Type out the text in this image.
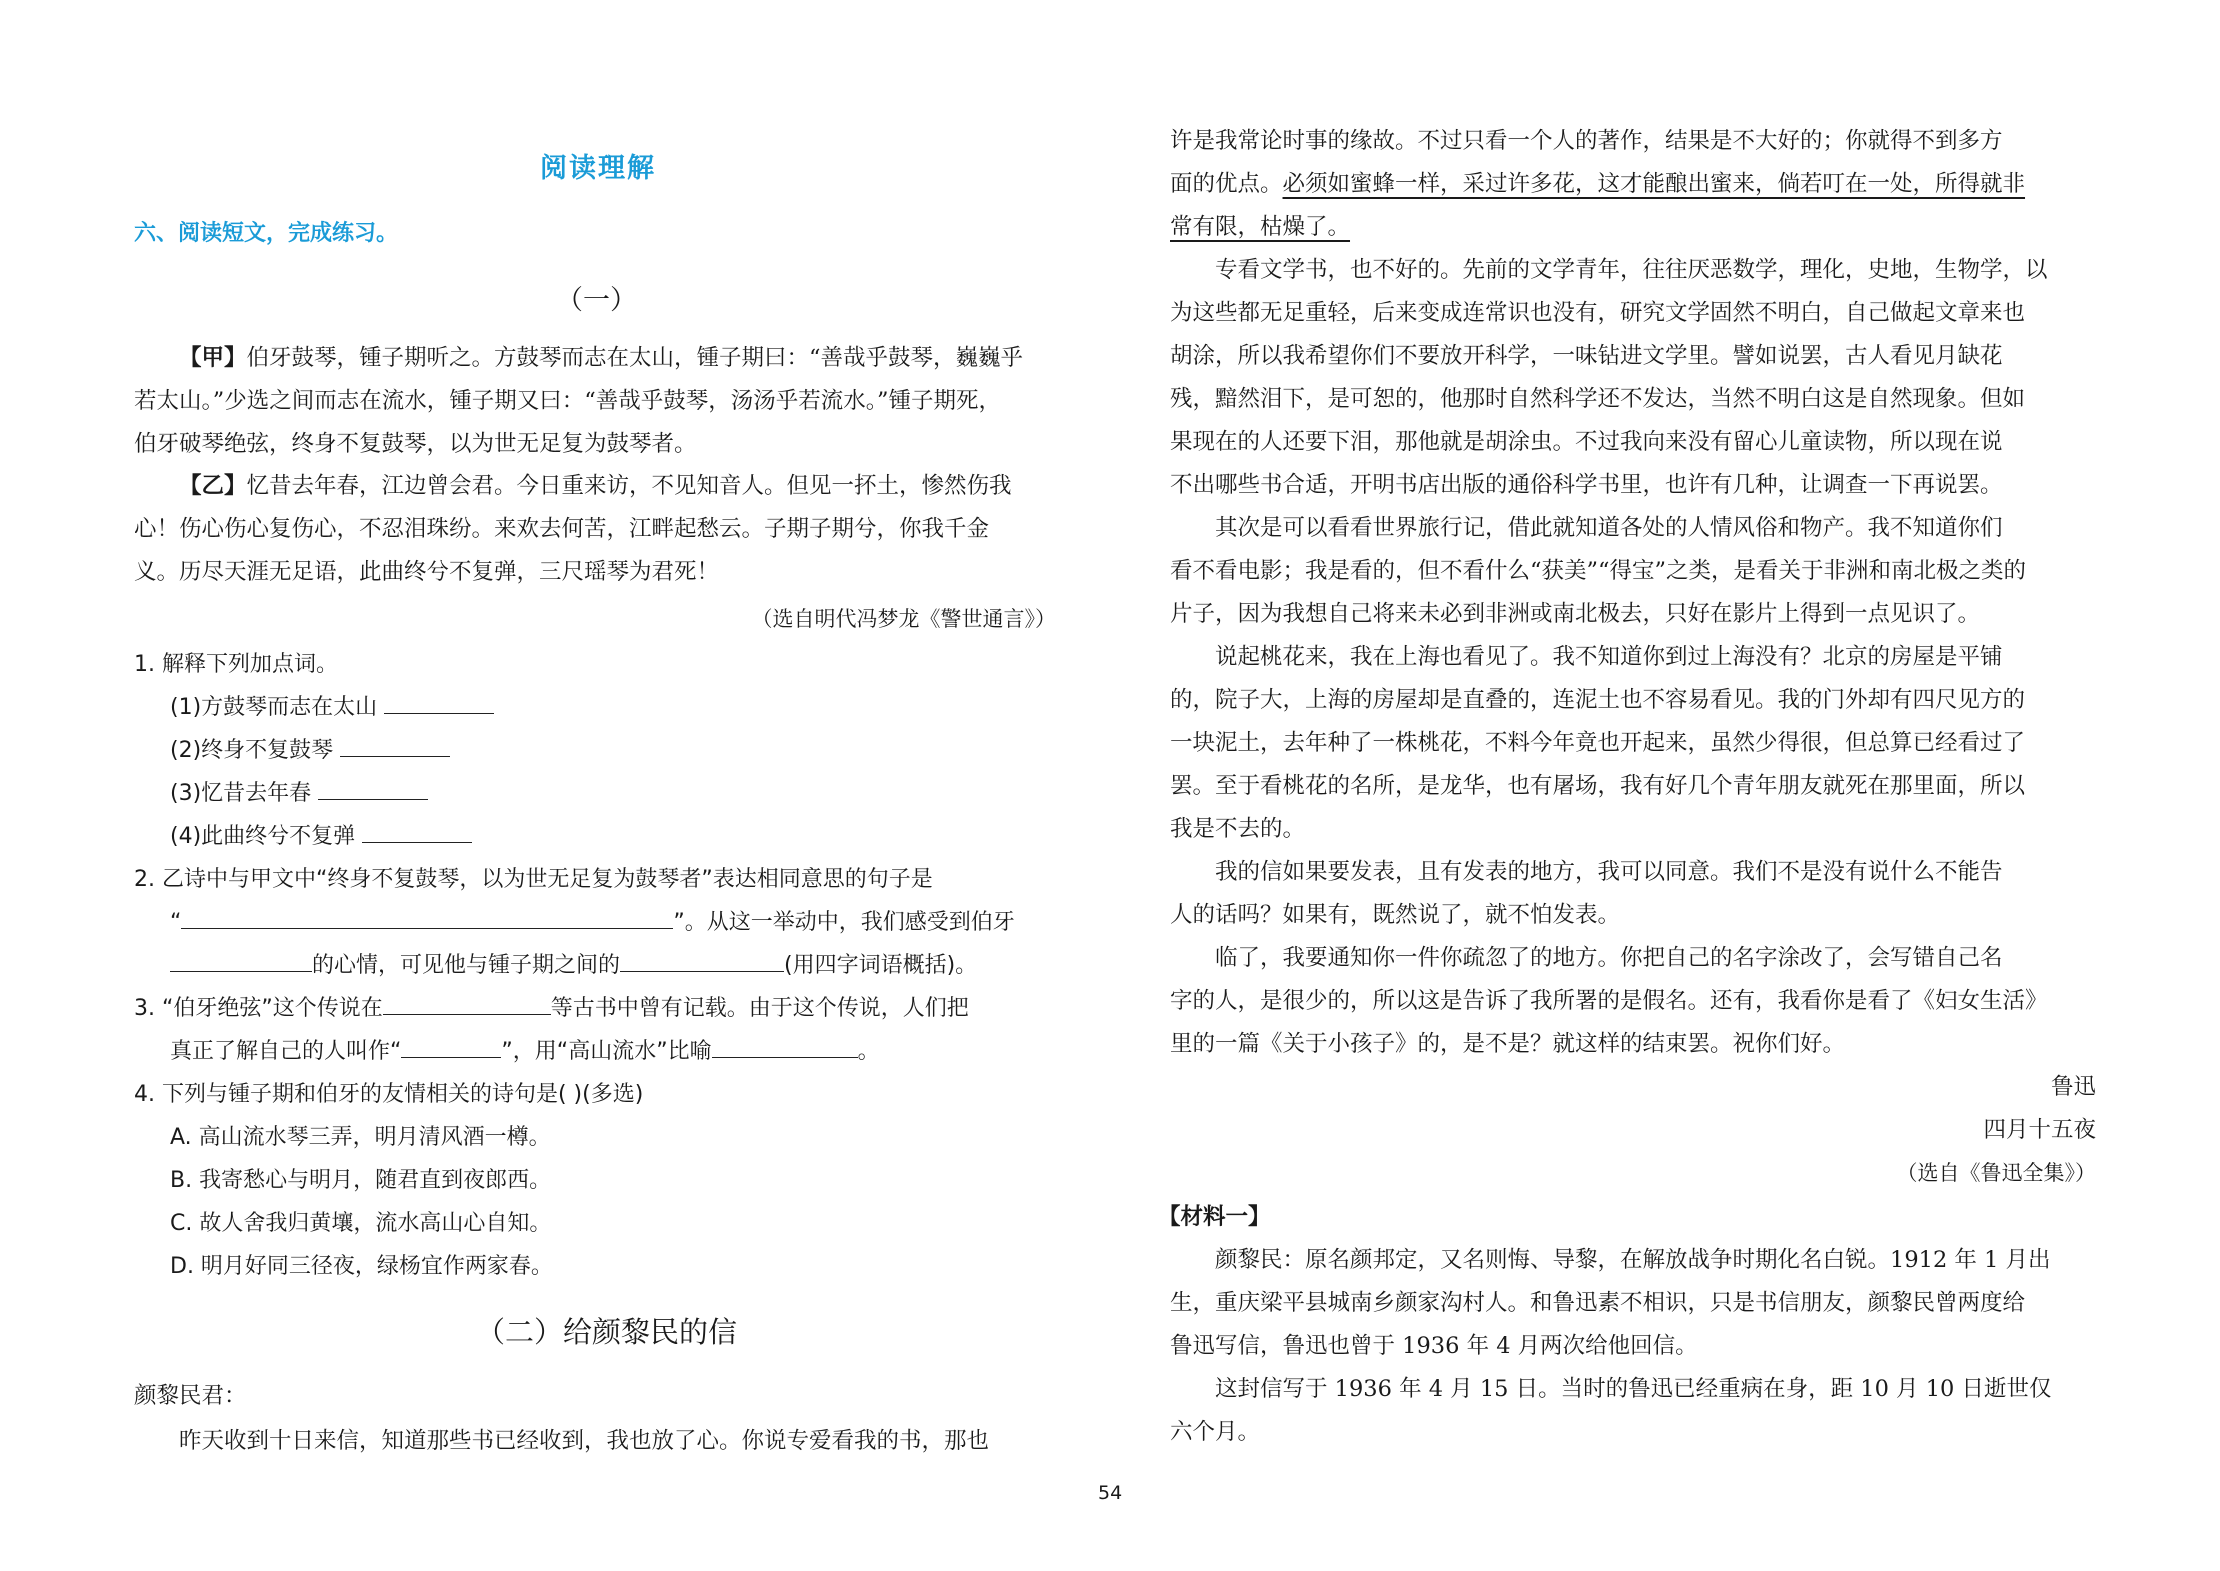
阅读理解
六、阅读短文，完成练习。
（一）
【甲】伯牙鼓琴，锺子期听之。方鼓琴而志在太山，锺子期曰：“善哉乎鼓琴，巍巍乎
若太山。”少选之间而志在流水，锺子期又曰：“善哉乎鼓琴，汤汤乎若流水。”锺子期死，
伯牙破琴绝弦，终身不复鼓琴，以为世无足复为鼓琴者。
【乙】忆昔去年春，江边曾会君。今日重来访，不见知音人。但见一抔土，惨然伤我
心！伤心伤心复伤心，不忍泪珠纷。来欢去何苦，江畔起愁云。子期子期兮，你我千金
义。历尽天涯无足语，此曲终兮不复弹，三尺瑶琴为君死！
（选自明代冯梦龙《警世通言》）
1. 解释下列加点词。
(1)方鼓琴而志在太山
(2)终身不复鼓琴
(3)忆昔去年春
(4)此曲终兮不复弹
2. 乙诗中与甲文中“终身不复鼓琴，以为世无足复为鼓琴者”表达相同意思的句子是
“	”。从这一举动中，我们感受到伯牙
的心情，可见他与锺子期之间的	(用四字词语概括)。
3. “伯牙绝弦”这个传说在	等古书中曾有记载。由于这个传说，人们把
真正了解自己的人叫作“	”，用“高山流水”比喻	。
4. 下列与锺子期和伯牙的友情相关的诗句是( )(多选)
A. 高山流水琴三弄，明月清风酒一樽。
B. 我寄愁心与明月，随君直到夜郎西。
C. 故人舍我归黄壤，流水高山心自知。
D. 明月好同三径夜，绿杨宜作两家春。
（二）给颜黎民的信
颜黎民君：
昨天收到十日来信，知道那些书已经收到，我也放了心。你说专爱看我的书，那也
许是我常论时事的缘故。不过只看一个人的著作，结果是不大好的；你就得不到多方
面的优点。必须如蜜蜂一样，采过许多花，这才能酿出蜜来，倘若叮在一处，所得就非
常有限，枯燥了。
专看文学书，也不好的。先前的文学青年，往往厌恶数学，理化，史地，生物学，以
为这些都无足重轻，后来变成连常识也没有，研究文学固然不明白，自己做起文章来也
胡涂，所以我希望你们不要放开科学，一味钻进文学里。譬如说罢，古人看见月缺花
残，黯然泪下，是可恕的，他那时自然科学还不发达，当然不明白这是自然现象。但如
果现在的人还要下泪，那他就是胡涂虫。不过我向来没有留心儿童读物，所以现在说
不出哪些书合适，开明书店出版的通俗科学书里，也许有几种，让调查一下再说罢。
其次是可以看看世界旅行记，借此就知道各处的人情风俗和物产。我不知道你们
看不看电影；我是看的，但不看什么“获美”“得宝”之类，是看关于非洲和南北极之类的
片子，因为我想自己将来未必到非洲或南北极去，只好在影片上得到一点见识了。
说起桃花来，我在上海也看见了。我不知道你到过上海没有？北京的房屋是平铺
的，院子大，上海的房屋却是直叠的，连泥土也不容易看见。我的门外却有四尺见方的
一块泥土，去年种了一株桃花，不料今年竟也开起来，虽然少得很，但总算已经看过了
罢。至于看桃花的名所，是龙华，也有屠场，我有好几个青年朋友就死在那里面，所以
我是不去的。
我的信如果要发表，且有发表的地方，我可以同意。我们不是没有说什么不能告
人的话吗？如果有，既然说了，就不怕发表。
临了，我要通知你一件你疏忽了的地方。你把自己的名字涂改了，会写错自己名
字的人，是很少的，所以这是告诉了我所署的是假名。还有，我看你是看了《妇女生活》
里的一篇《关于小孩子》的，是不是？就这样的结束罢。祝你们好。
鲁迅
四月十五夜
（选自《鲁迅全集》）
【材料一】
颜黎民：原名颜邦定，又名则悔、导黎，在解放战争时期化名白锐。1912 年 1 月出
生，重庆梁平县城南乡颜家沟村人。和鲁迅素不相识，只是书信朋友，颜黎民曾两度给
鲁迅写信，鲁迅也曾于 1936 年 4 月两次给他回信。
这封信写于 1936 年 4 月 15 日。当时的鲁迅已经重病在身，距 10 月 10 日逝世仅
六个月。
54
